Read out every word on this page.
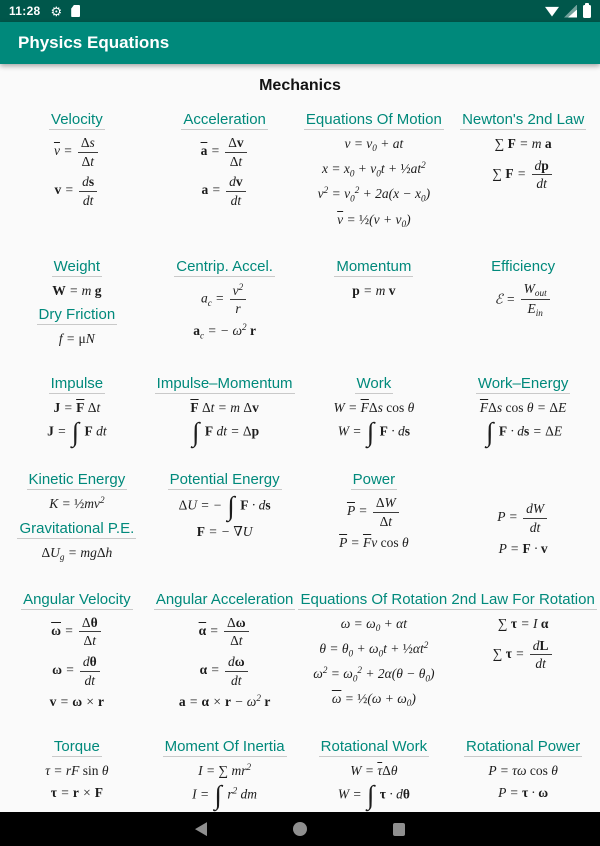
11:28 ⚙
Physics Equations
Mechanics
Velocity
$\overline{v} = \frac{\Delta s}{\Delta t}$
$v = \frac{ds}{dt}$
Acceleration
$\overline{a} = \frac{\Delta v}{\Delta t}$
$a = \frac{dv}{dt}$
Equations Of Motion
$v = v_0$ + at
$x = x_0 + v_0t$ + $\frac{1}{2}at^2$
$v^2 = v_0^2 + 2a(x - x_0)$
$\overline{v}$ = ½(v + $v_0$)
Newton's 2nd Law
∑ F = m a
∑ $F = \frac{dp}{dt}$
Weight
W = m g
Dry Friction
f = μN
Centrip. Accel.
$a_c = \frac{v^2}{r}$
$a_c$ = − $\omega^2$ r
Momentum
p = m v
Efficiency
ℰ =
$W_{out}$
$E_{in}$
Impulse
$J = \overline{F}$ Δt
J = ∫ F dt
Impulse–Momentum
$\overline{F}$ Δt = m Δv
∫ F dt = Δp
Work
$W = \overline{F}\Delta s$ cos θ
W = ∫ F · ds
Work–Energy
$\overline{F}\Delta s$ cos θ = ΔE
∫ F · ds = ΔE
Kinetic Energy
$K = \frac{1}{2}mv^2$
Gravitational P.E.
$\Delta U_g = mg\Delta h$
Potential Energy
ΔU = − ∫ F · ds
F = − ∇U
Power
$\overline{P} = \frac{\Delta W}{\Delta t}$
$\overline{P} = \overline{F}v$ cos θ
$P = \frac{dW}{dt}$
P = F · v
Angular Velocity
$\overline{\omega} = \frac{\Delta\theta}{\Delta t}$
$\omega = \frac{d\theta}{dt}$
v = ω × r
Angular Acceleration
$\overline{\alpha} = \frac{\Delta\omega}{\Delta t}$
$\alpha = \frac{d\omega}{dt}$
$a = \alpha \times r - \omega^2$ r
Equations Of Rotation
$\omega = \omega_0 + \alpha t$
$\theta = \theta_0 + \omega_0t$ + $\frac{1}{2}\alpha t^2$
$\omega^2 = \omega_0^2 + 2\alpha(\theta - \theta_0)$
$\overline{\omega}$ = ½(ω + $\omega_0$)
2nd Law For Rotation
∑ τ = I α
∑ $\tau = \frac{dL}{dt}$
Torque
τ = rF sin θ
τ = r × F
Moment Of Inertia
I = ∑ $mr^2$
I = ∫ $r^2$ dm
Rotational Work
$W = \overline{\tau}\Delta\theta$
W = ∫ τ · dθ
Rotational Power
P = τω cos θ
P = τ · ω
